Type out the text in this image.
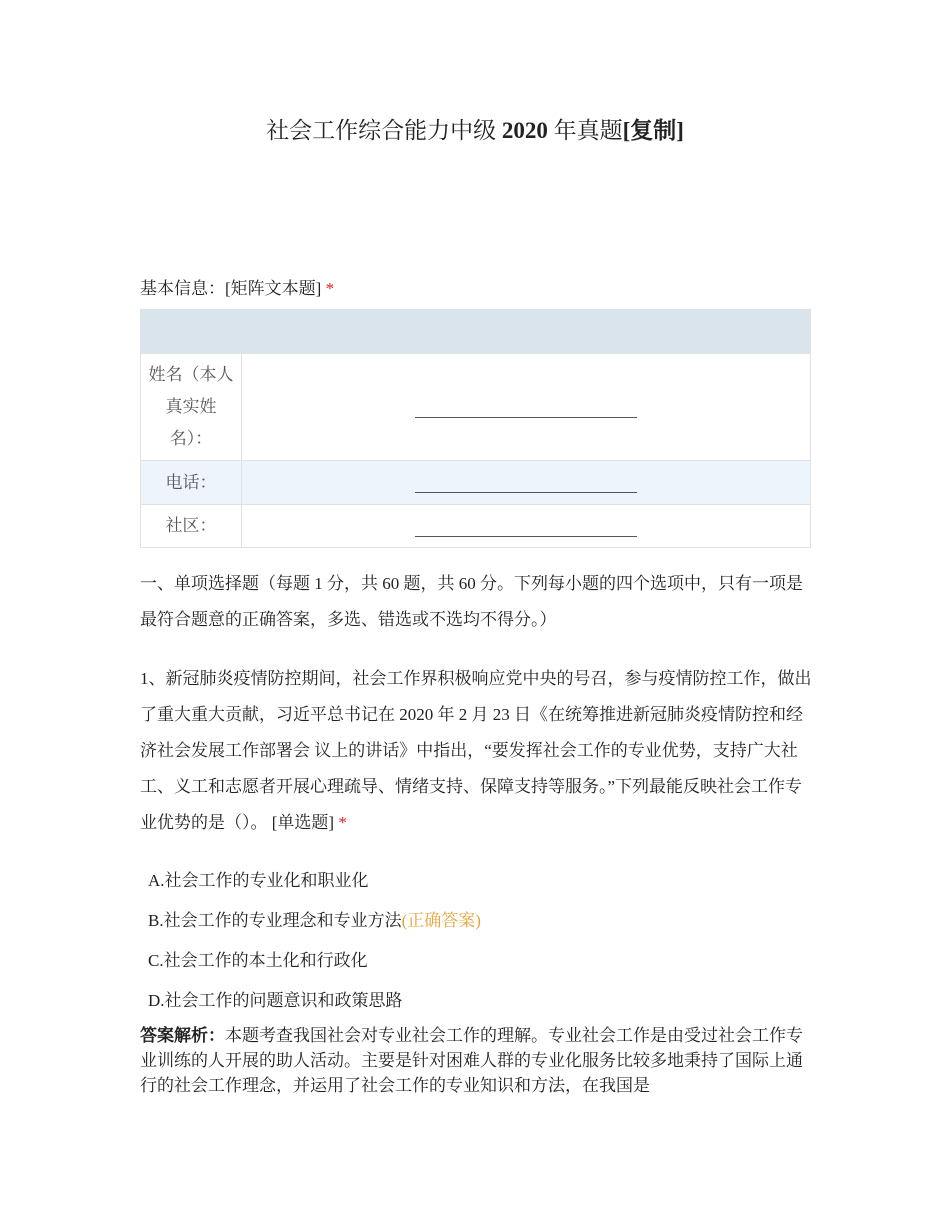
社会工作综合能力中级 2020 年真题[复制]
基本信息：[矩阵文本题] *

姓名（本人真实姓名）：	

电话：	

社区：	
一、单项选择题（每题 1 分，共 60 题，共 60 分。下列每小题的四个选项中，只有一项是最符合题意的正确答案，多选、错选或不选均不得分。）
1、新冠肺炎疫情防控期间，社会工作界积极响应党中央的号召，参与疫情防控工作，做出了重大重大贡献，习近平总书记在 2020 年 2 月 23 日《在统筹推进新冠肺炎疫情防控和经济社会发展工作部署会 议上的讲话》中指出，“要发挥社会工作的专业优势，支持广大社工、义工和志愿者开展心理疏导、情绪支持、保障支持等服务。”下列最能反映社会工作专业优势的是（）。 [单选题] *
A.社会工作的专业化和职业化
B.社会工作的专业理念和专业方法(正确答案)
C.社会工作的本土化和行政化
D.社会工作的问题意识和政策思路
答案解析：本题考查我国社会对专业社会工作的理解。专业社会工作是由受过社会工作专业训练的人开展的助人活动。主要是针对困难人群的专业化服务比较多地秉持了国际上通行的社会工作理念，并运用了社会工作的专业知识和方法，在我国是
